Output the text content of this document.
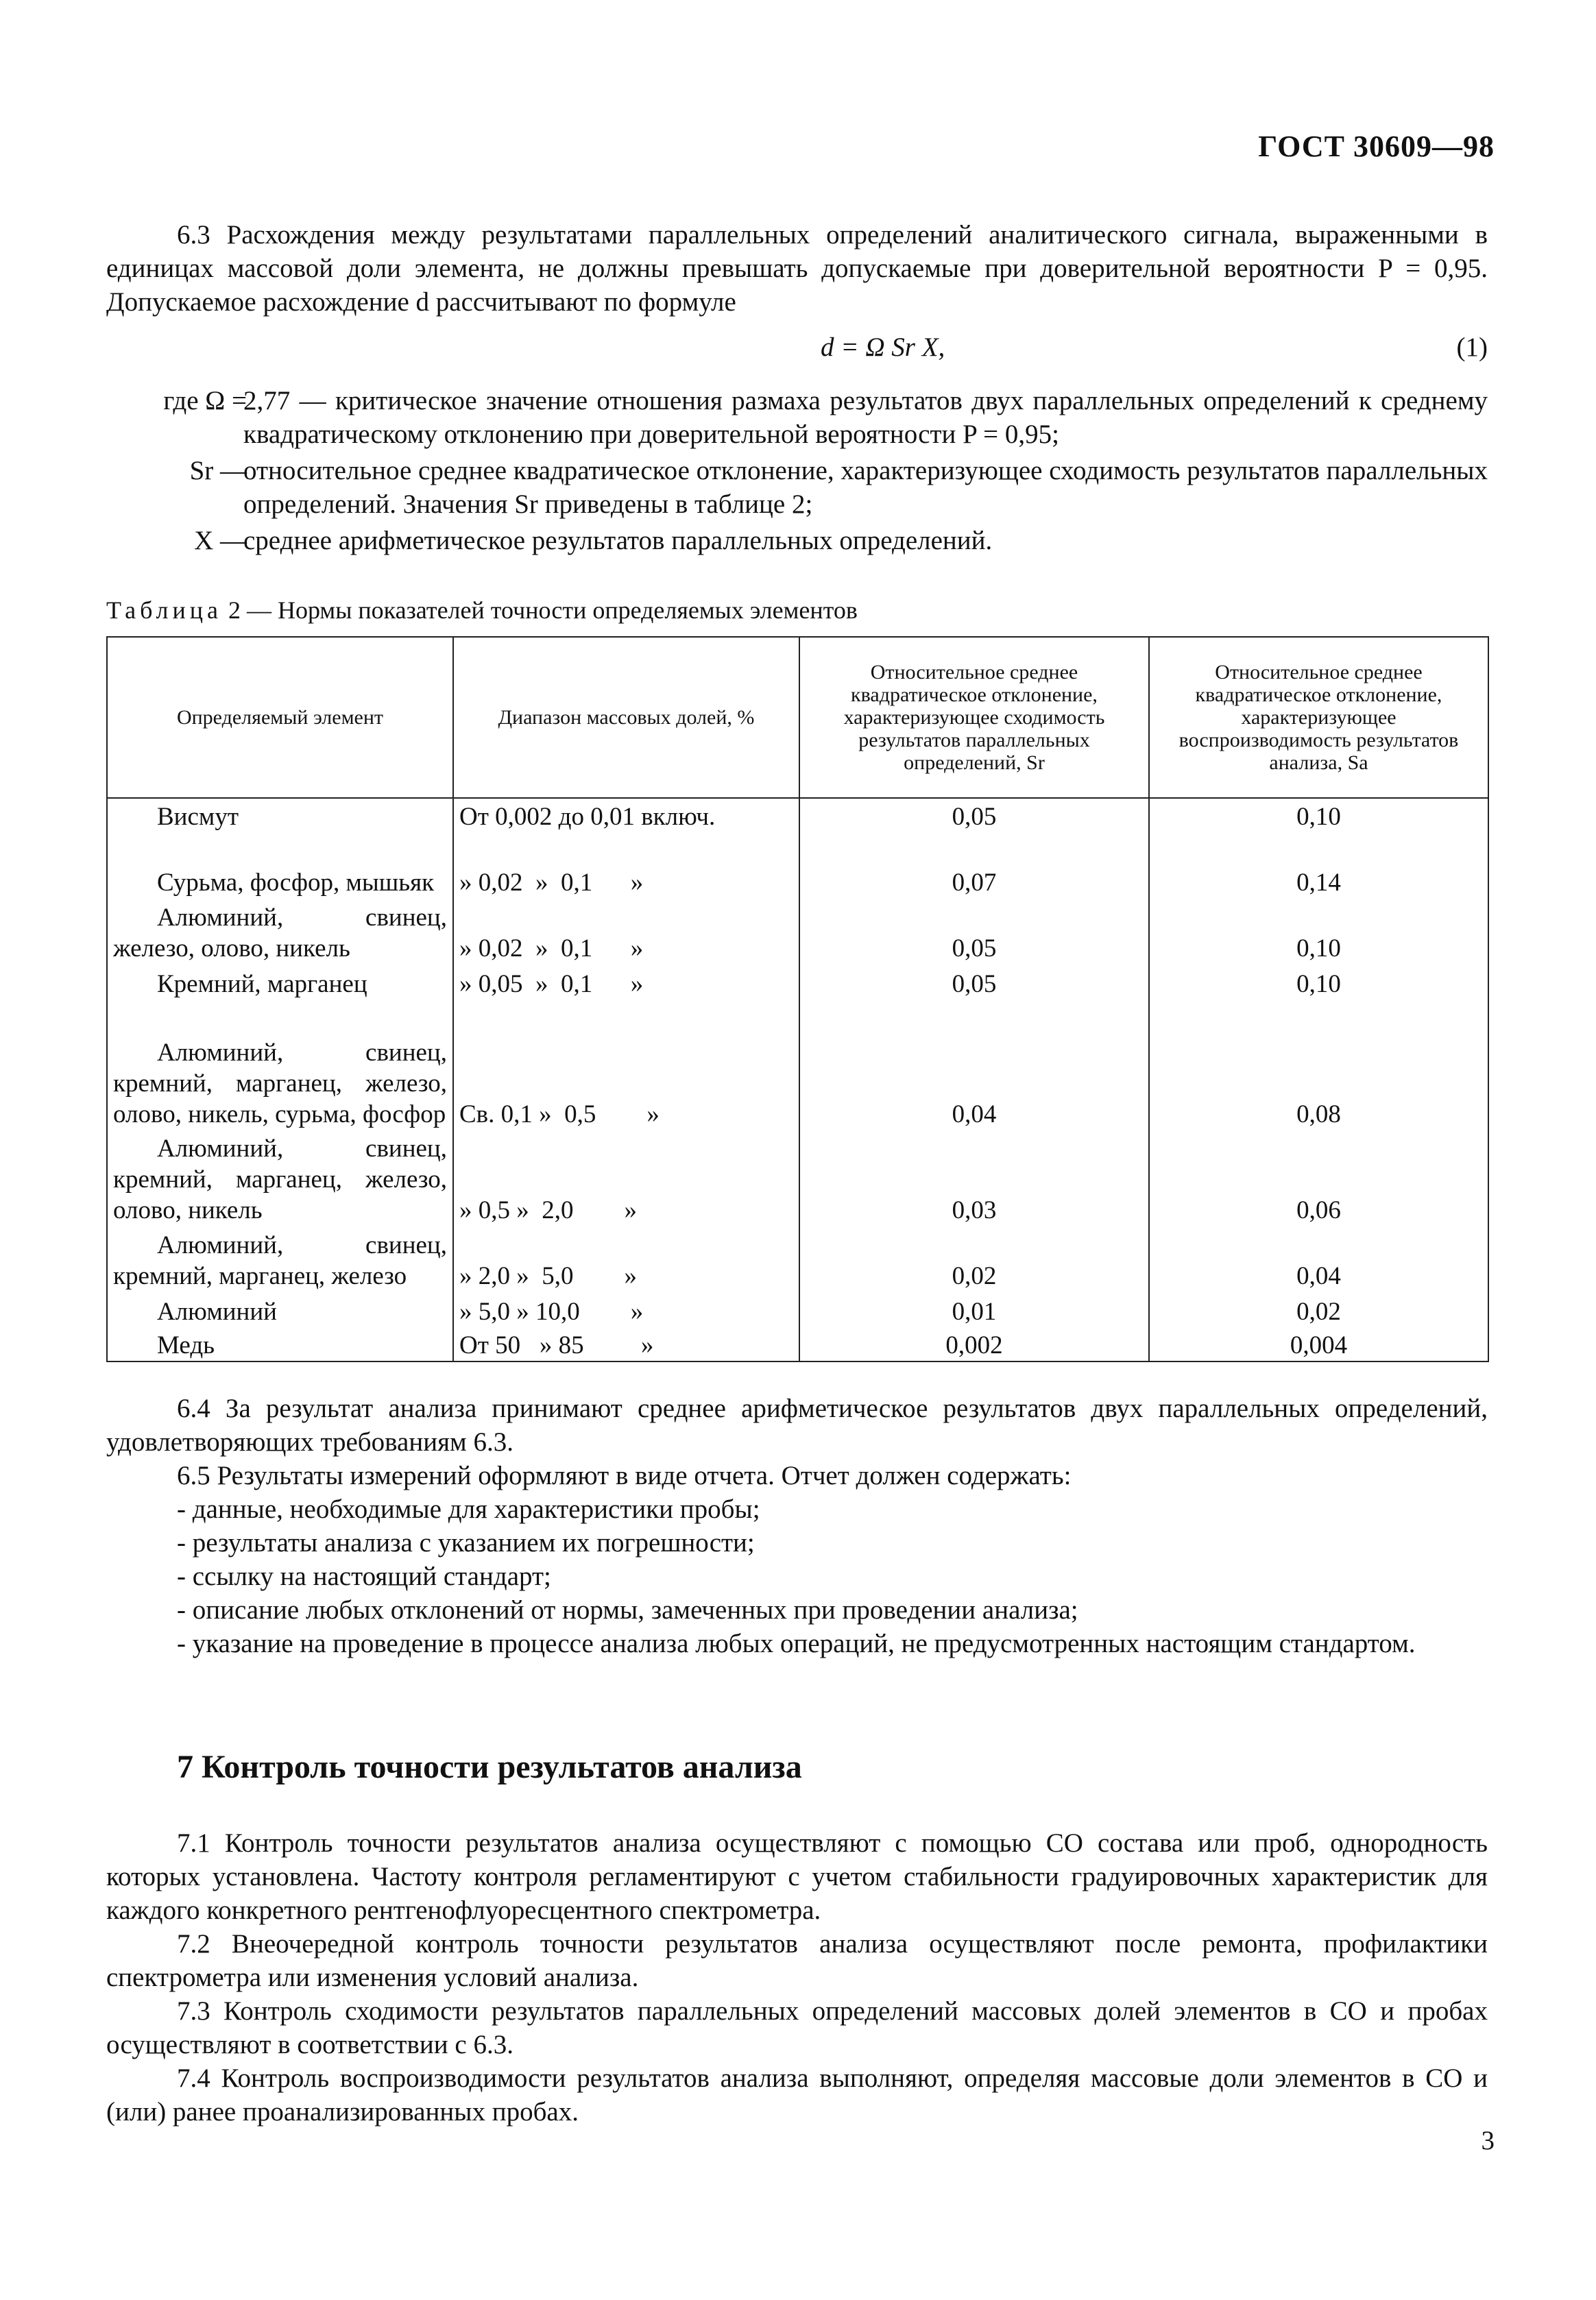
ГОСТ 30609—98
6.3 Расхождения между результатами параллельных определений аналитического сигнала, выраженными в единицах массовой доли элемента, не должны превышать допускаемые при доверительной вероятности P = 0,95. Допускаемое расхождение d рассчитывают по формуле
d = Ω Sr X,	(1)
где Ω =
2,77 — критическое значение отношения размаха результатов двух параллельных определений к среднему квадратическому отклонению при доверительной вероятности P = 0,95;
Sr —
относительное среднее квадратическое отклонение, характеризующее сходимость результатов параллельных определений. Значения Sr приведены в таблице 2;
X —
среднее арифметическое результатов параллельных определений.
Таблица 2 — Нормы показателей точности определяемых элементов
Определяемый элемент	Диапазон массовых долей, %	Относительное среднее квадратическое отклонение, характеризующее сходимость результатов параллельных определений, Sr	Относительное среднее квадратическое отклонение, характеризующее воспроизводимость результатов анализа, Sa
Висмут	От 0,002 до 0,01 включ.	0,05	0,10
Сурьма, фосфор, мышьяк	» 0,02  »  0,1      »	0,07	0,14
Алюминий, свинец, железо, олово, никель	» 0,02  »  0,1      »	0,05	0,10
Кремний, марганец	» 0,05  »  0,1      »	0,05	0,10
Алюминий, свинец, кремний, марганец, железо, олово, никель, сурьма, фосфор	Св. 0,1 »  0,5        »	0,04	0,08
Алюминий, свинец, кремний, марганец, железо, олово, никель	» 0,5 »  2,0        »	0,03	0,06
Алюминий, свинец, кремний, марганец, железо	» 2,0 »  5,0        »	0,02	0,04
Алюминий	» 5,0 » 10,0        »	0,01	0,02
Медь	От 50   » 85         »	0,002	0,004
6.4 За результат анализа принимают среднее арифметическое результатов двух параллельных определений, удовлетворяющих требованиям 6.3.
6.5 Результаты измерений оформляют в виде отчета. Отчет должен содержать:
- данные, необходимые для характеристики пробы;
- результаты анализа с указанием их погрешности;
- ссылку на настоящий стандарт;
- описание любых отклонений от нормы, замеченных при проведении анализа;
- указание на проведение в процессе анализа любых операций, не предусмотренных настоящим стандартом.
7 Контроль точности результатов анализа
7.1 Контроль точности результатов анализа осуществляют с помощью СО состава или проб, однородность которых установлена. Частоту контроля регламентируют с учетом стабильности градуировочных характеристик для каждого конкретного рентгенофлуоресцентного спектрометра.
7.2 Внеочередной контроль точности результатов анализа осуществляют после ремонта, профилактики спектрометра или изменения условий анализа.
7.3 Контроль сходимости результатов параллельных определений массовых долей элементов в СО и пробах осуществляют в соответствии с 6.3.
7.4 Контроль воспроизводимости результатов анализа выполняют, определяя массовые доли элементов в СО и (или) ранее проанализированных пробах.
3
